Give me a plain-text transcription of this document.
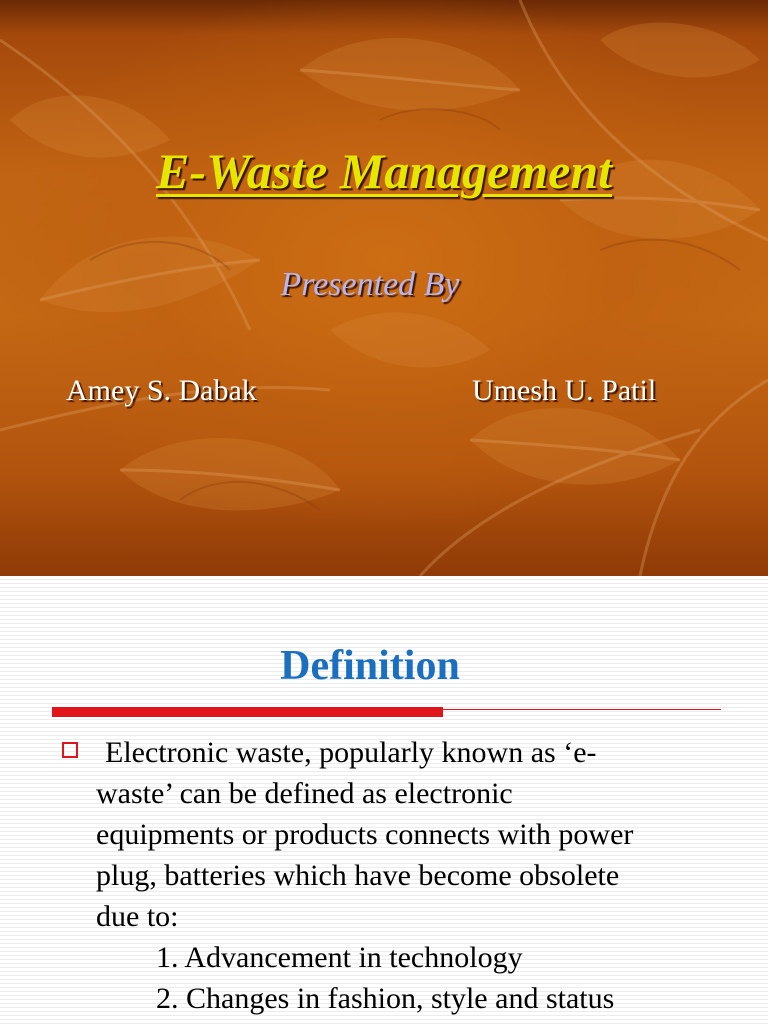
E-Waste Management
Presented By
Amey S. Dabak	Umesh U. Patil
Definition
Electronic waste, popularly known as ‘e-
waste’ can be defined as electronic
equipments or products connects with power
plug, batteries which have become obsolete
due to:
1. Advancement in technology
2. Changes in fashion, style and status
